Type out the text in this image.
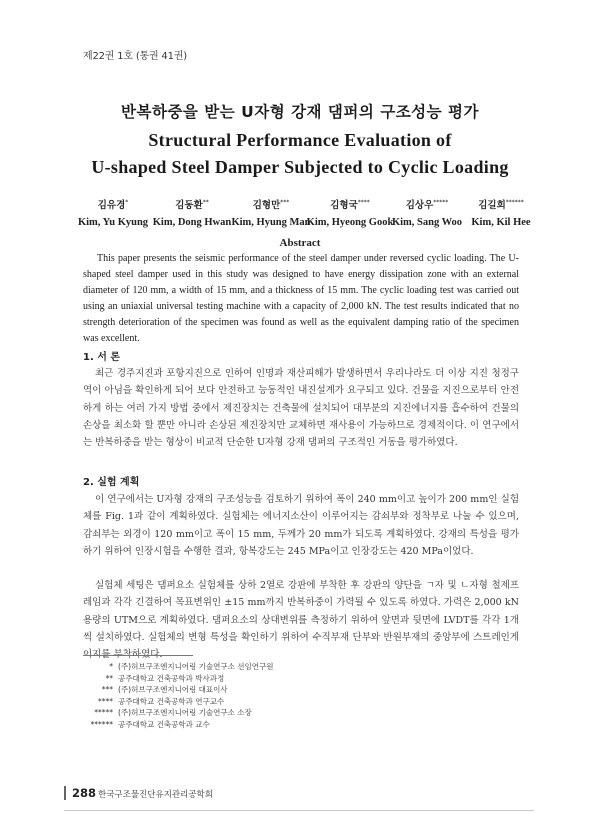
제22권 1호 (통권 41권)
반복하중을 받는 U자형 강재 댐퍼의 구조성능 평가
Structural Performance Evaluation of
U-shaped Steel Damper Subjected to Cyclic Loading
김유경*
Kim, Yu Kyung
김동환**
Kim, Dong Hwan
김형만***
Kim, Hyung Man
김형국****
Kim, Hyeong Gook
김상우*****
Kim, Sang Woo
김길희******
Kim, Kil Hee
Abstract
This paper presents the seismic performance of the steel damper under reversed cyclic loading. The U-shaped steel damper used in this study was designed to have energy dissipation zone with an external diameter of 120 mm, a width of 15 mm, and a thickness of 15 mm. The cyclic loading test was carried out using an uniaxial universal testing machine with a capacity of 2,000 kN. The test results indicated that no strength deterioration of the specimen was found as well as the equivalent damping ratio of the specimen was excellent.
1. 서 론
최근 경주지진과 포항지진으로 인하여 인명과 재산피해가 발생하면서 우리나라도 더 이상 지진 청정구역이 아님을 확인하게 되어 보다 안전하고 능동적인 내진설계가 요구되고 있다. 건물을 지진으로부터 안전하게 하는 여러 가지 방법 중에서 제진장치는 건축물에 설치되어 대부분의 지진에너지를 흡수하여 건물의 손상을 최소화 할 뿐만 아니라 손상된 제진장치만 교체하면 재사용이 가능하므로 경제적이다. 이 연구에서는 반복하중을 받는 형상이 비교적 단순한 U자형 강재 댐퍼의 구조적인 거동을 평가하였다.
2. 실험 계획
이 연구에서는 U자형 강재의 구조성능을 검토하기 위하여 폭이 240 mm이고 높이가 200 mm인 실험체를 Fig. 1과 같이 계획하였다. 실험체는 에너지소산이 이루어지는 감쇠부와 정착부로 나눌 수 있으며, 감쇠부는 외경이 120 mm이고 폭이 15 mm, 두께가 20 mm가 되도록 계획하였다. 강재의 특성을 평가하기 위하여 인장시험을 수행한 결과, 항복강도는 245 MPa이고 인장강도는 420 MPa이었다.
실험체 세팅은 댐퍼요소 실험체를 상하 2열로 강판에 부착한 후 강판의 양단을 ㄱ자 및 ㄴ자형 철제프레임과 각각 긴결하여 목표변위인 ±15 mm까지 반복하중이 가력될 수 있도록 하였다. 가력은 2,000 kN 용량의 UTM으로 계획하였다. 댐퍼요소의 상대변위를 측정하기 위하여 앞면과 뒷면에 LVDT를 각각 1개씩 설치하였다. 실험체의 변형 특성을 확인하기 위하여 수직부재 단부와 반원부재의 중앙부에 스트레인게이지를 부착하였다.
* (주)허브구조엔지니어링 기술연구소 선임연구원
** 공주대학교 건축공학과 박사과정
*** (주)허브구조엔지니어링 대표이사
**** 공주대학교 건축공학과 연구교수
***** (주)허브구조엔지니어링 기술연구소 소장
****** 공주대학교 건축공학과 교수
288 한국구조물진단유지관리공학회
